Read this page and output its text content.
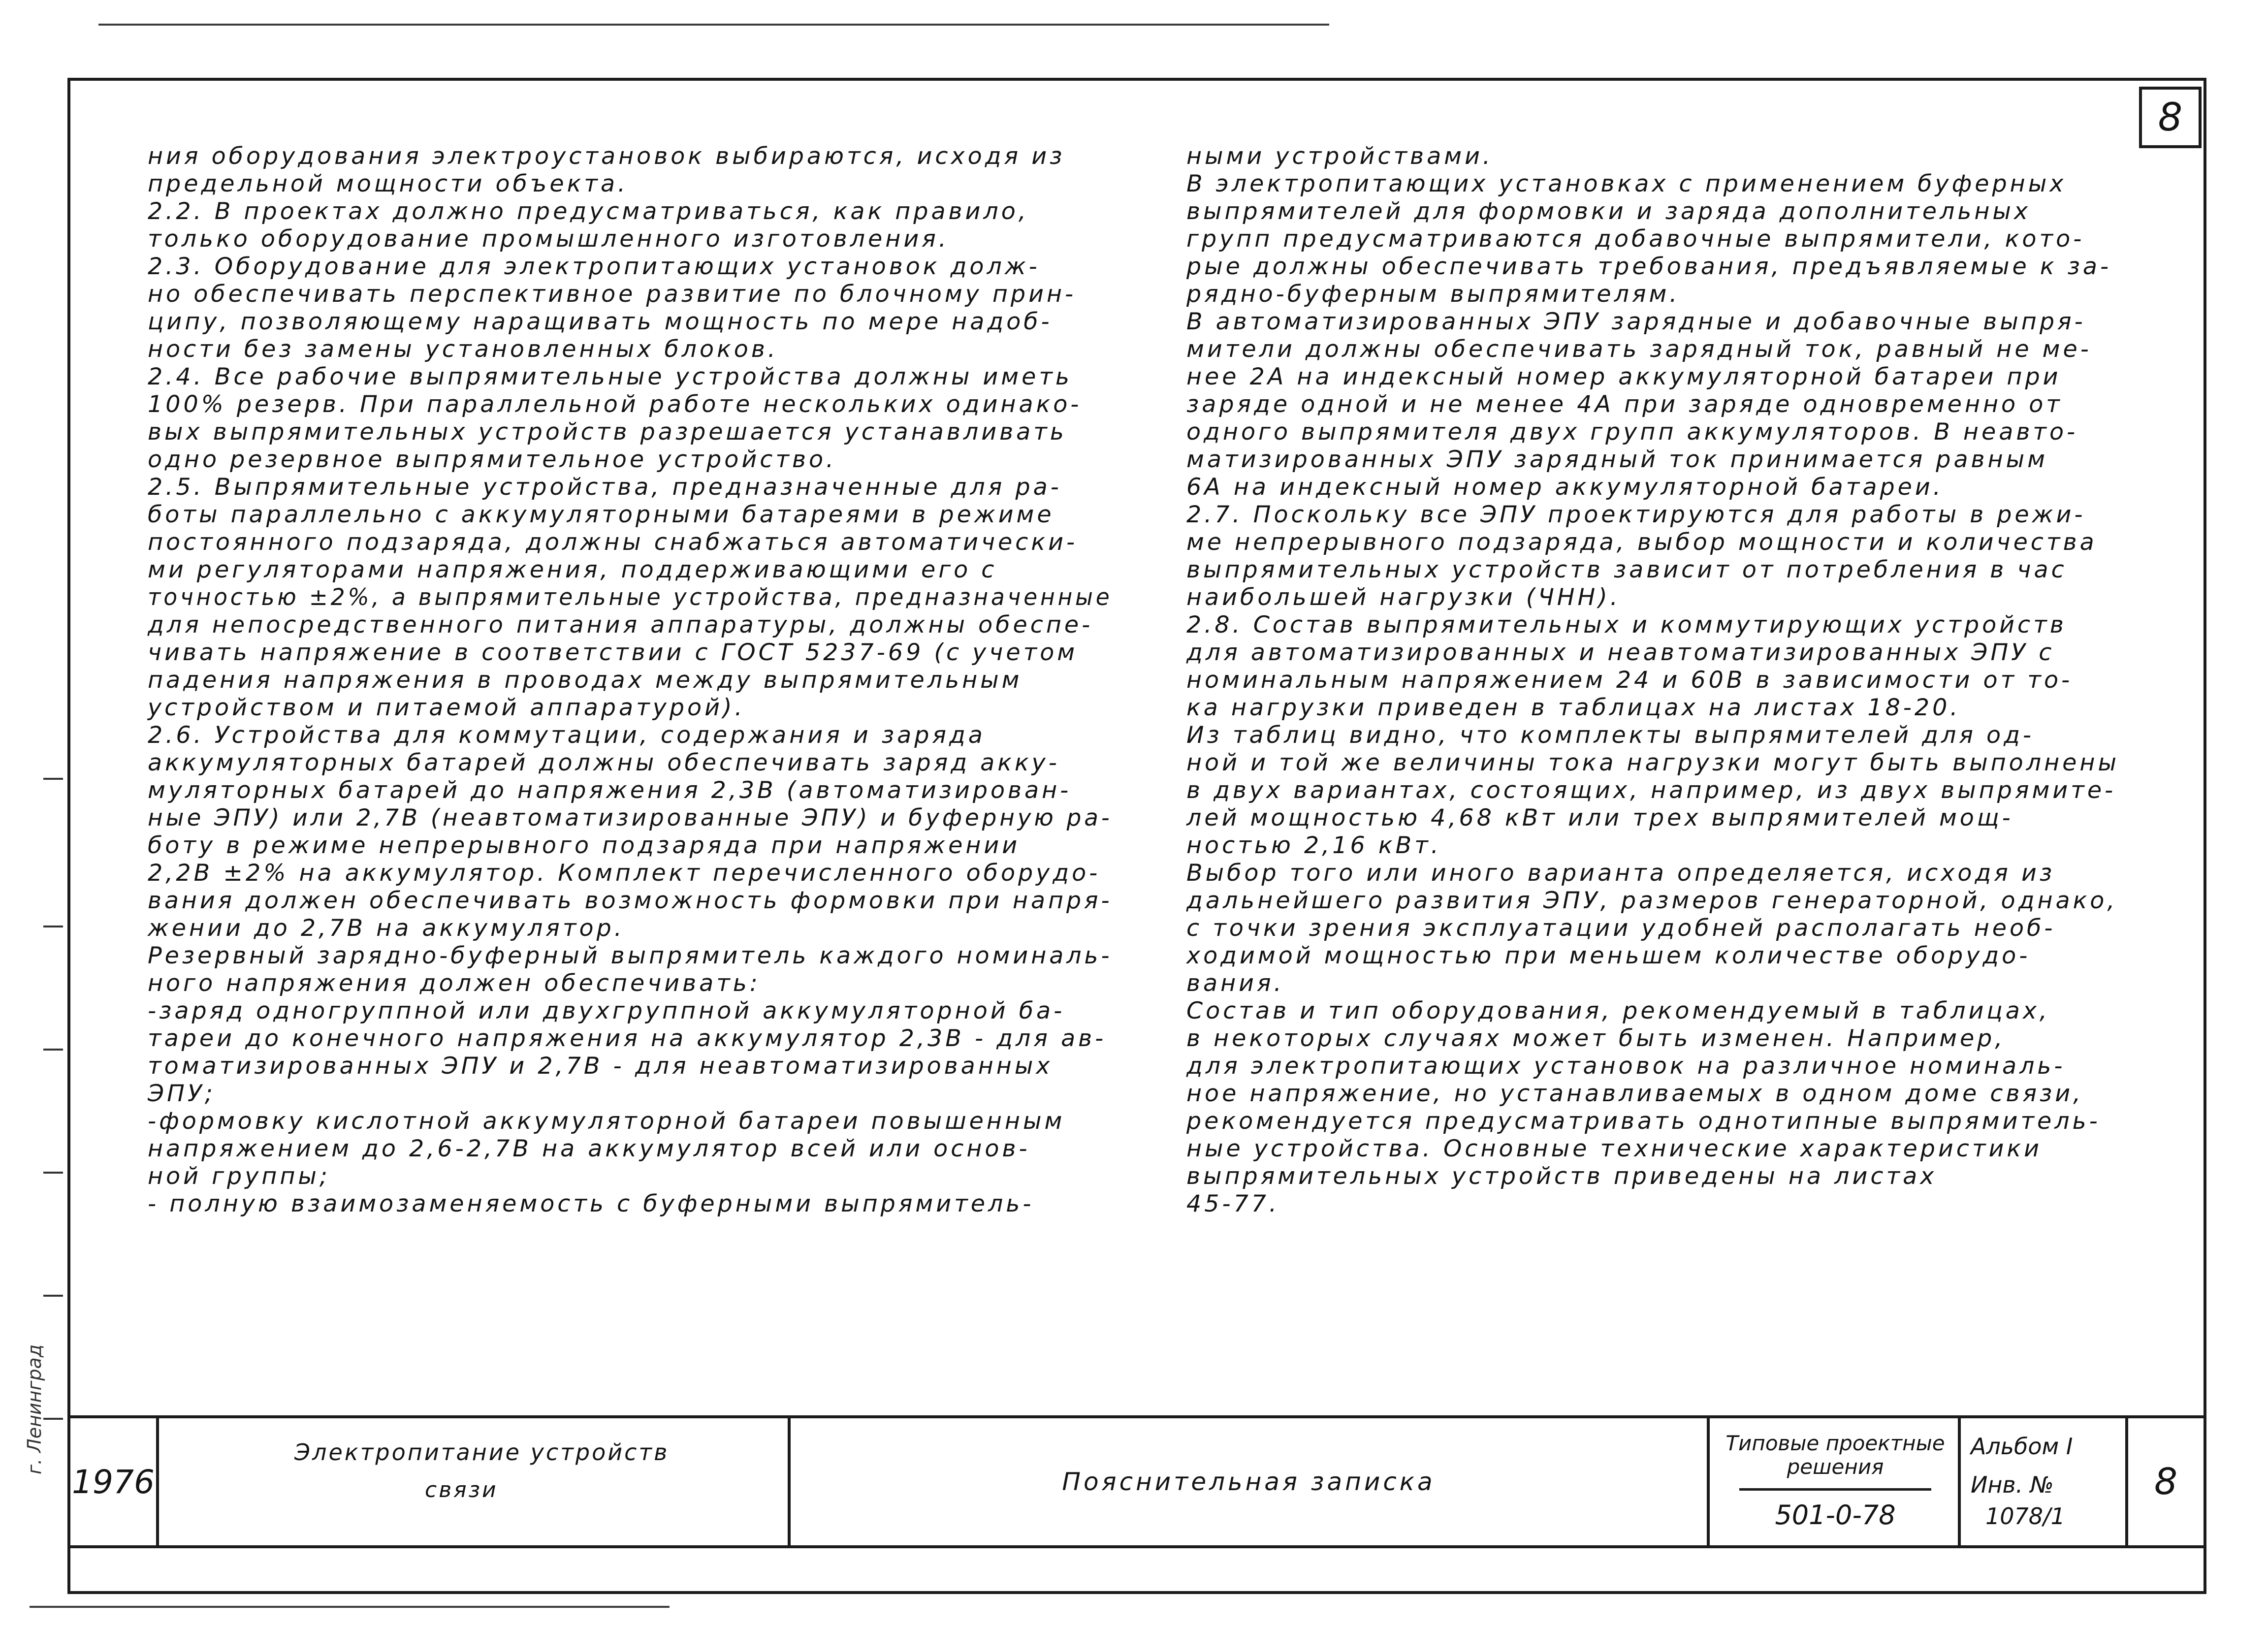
8

ния оборудования электроустановок выбираются, исходя из

предельной мощности объекта.

2.2. В проектах должно предусматриваться, как правило,

только оборудование промышленного изготовления.

2.3. Оборудование для электропитающих установок долж-

но обеспечивать перспективное развитие по блочному прин-

ципу, позволяющему наращивать мощность по мере надоб-

ности без замены установленных блоков.

2.4. Все рабочие выпрямительные устройства должны иметь

100% резерв. При параллельной работе нескольких одинако-

вых выпрямительных устройств разрешается устанавливать

одно резервное выпрямительное устройство.

2.5. Выпрямительные устройства, предназначенные для ра-

боты параллельно с аккумуляторными батареями в режиме

постоянного подзаряда, должны снабжаться автоматически-

ми регуляторами напряжения, поддерживающими его с

точностью ±2%, а выпрямительные устройства, предназначенные

для непосредственного питания аппаратуры, должны обеспе-

чивать напряжение в соответствии с ГОСТ 5237-69 (с учетом

падения напряжения в проводах между выпрямительным

устройством и питаемой аппаратурой).

2.6. Устройства для коммутации, содержания и заряда

аккумуляторных батарей должны обеспечивать заряд акку-

муляторных батарей до напряжения 2,3В (автоматизирован-

ные ЭПУ) или 2,7В (неавтоматизированные ЭПУ) и буферную ра-

боту в режиме непрерывного подзаряда при напряжении

2,2В ±2% на аккумулятор. Комплект перечисленного оборудо-

вания должен обеспечивать возможность формовки при напря-

жении до 2,7В на аккумулятор.

Резервный зарядно-буферный выпрямитель каждого номиналь-

ного напряжения должен обеспечивать:

-заряд одногруппной или двухгруппной аккумуляторной ба-

тареи до конечного напряжения на аккумулятор 2,3В - для ав-

томатизированных ЭПУ и 2,7В - для неавтоматизированных

ЭПУ;

-формовку кислотной аккумуляторной батареи повышенным

напряжением до 2,6-2,7В на аккумулятор всей или основ-

ной группы;

- полную взаимозаменяемость с буферными выпрямитель-

ными устройствами.

В электропитающих установках с применением буферных

выпрямителей для формовки и заряда дополнительных

групп предусматриваются добавочные выпрямители, кото-

рые должны обеспечивать требования, предъявляемые к за-

рядно-буферным выпрямителям.

В автоматизированных ЭПУ зарядные и добавочные выпря-

мители должны обеспечивать зарядный ток, равный не ме-

нее 2А на индексный номер аккумуляторной батареи при

заряде одной и не менее 4А при заряде одновременно от

одного выпрямителя двух групп аккумуляторов. В неавто-

матизированных ЭПУ зарядный ток принимается равным

6А на индексный номер аккумуляторной батареи.

2.7. Поскольку все ЭПУ проектируются для работы в режи-

ме непрерывного подзаряда, выбор мощности и количества

выпрямительных устройств зависит от потребления в час

наибольшей нагрузки (ЧНН).

2.8. Состав выпрямительных и коммутирующих устройств

для автоматизированных и неавтоматизированных ЭПУ с

номинальным напряжением 24 и 60В в зависимости от то-

ка нагрузки приведен в таблицах на листах 18-20.

Из таблиц видно, что комплекты выпрямителей для од-

ной и той же величины тока нагрузки могут быть выполнены

в двух вариантах, состоящих, например, из двух выпрямите-

лей мощностью 4,68 кВт или трех выпрямителей мощ-

ностью 2,16 кВт.

Выбор того или иного варианта определяется, исходя из

дальнейшего развития ЭПУ, размеров генераторной, однако,

с точки зрения эксплуатации удобней располагать необ-

ходимой мощностью при меньшем количестве оборудо-

вания.

Состав и тип оборудования, рекомендуемый в таблицах,

в некоторых случаях может быть изменен. Например,

для электропитающих установок на различное номиналь-

ное напряжение, но устанавливаемых в одном доме связи,

рекомендуется предусматривать однотипные выпрямитель-

ные устройства. Основные технические характеристики

выпрямительных устройств приведены на листах

45-77.

г. Ленинград
1976
Электропитание устройств
связи	Пояснительная записка
Типовые проектные
решения
501-0-78
Альбом I
Инв. №
1078/1
8
